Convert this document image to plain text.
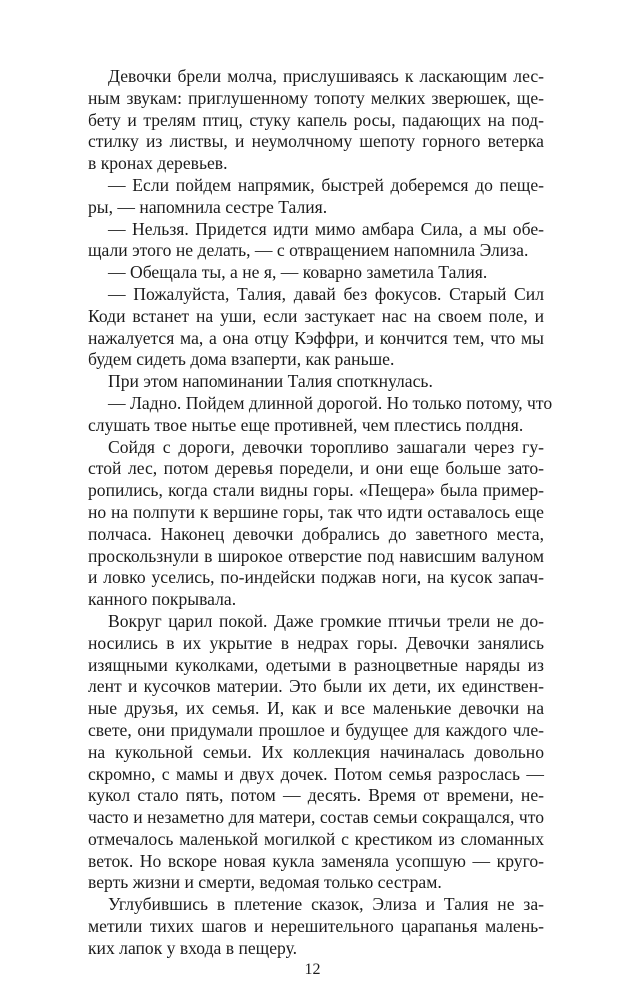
Девочки брели молча, прислушиваясь к ласкающим лес-
ным звукам: приглушенному топоту мелких зверюшек, ще-
бету и трелям птиц, стуку капель росы, падающих на под-
стилку из листвы, и неумолчному шепоту горного ветерка
в кронах деревьев.
— Если пойдем напрямик, быстрей доберемся до пеще-
ры, — напомнила сестре Талия.
— Нельзя. Придется идти мимо амбара Сила, а мы обе-
щали этого не делать, — с отвращением напомнила Элиза.
— Обещала ты, а не я, — коварно заметила Талия.
— Пожалуйста, Талия, давай без фокусов. Старый Сил
Коди встанет на уши, если застукает нас на своем поле, и
нажалуется ма, а она отцу Кэффри, и кончится тем, что мы
будем сидеть дома взаперти, как раньше.
При этом напоминании Талия споткнулась.
— Ладно. Пойдем длинной дорогой. Но только потому, что
слушать твое нытье еще противней, чем плестись полдня.
Сойдя с дороги, девочки торопливо зашагали через гу-
стой лес, потом деревья поредели, и они еще больше зато-
ропились, когда стали видны горы. «Пещера» была пример-
но на полпути к вершине горы, так что идти оставалось еще
полчаса. Наконец девочки добрались до заветного места,
проскользнули в широкое отверстие под нависшим валуном
и ловко уселись, по-индейски поджав ноги, на кусок запач-
канного покрывала.
Вокруг царил покой. Даже громкие птичьи трели не до-
носились в их укрытие в недрах горы. Девочки занялись
изящными куколками, одетыми в разноцветные наряды из
лент и кусочков материи. Это были их дети, их единствен-
ные друзья, их семья. И, как и все маленькие девочки на
свете, они придумали прошлое и будущее для каждого чле-
на кукольной семьи. Их коллекция начиналась довольно
скромно, с мамы и двух дочек. Потом семья разрослась —
кукол стало пять, потом — десять. Время от времени, не-
часто и незаметно для матери, состав семьи сокращался, что
отмечалось маленькой могилкой с крестиком из сломанных
веток. Но вскоре новая кукла заменяла усопшую — круго-
верть жизни и смерти, ведомая только сестрам.
Углубившись в плетение сказок, Элиза и Талия не за-
метили тихих шагов и нерешительного царапанья малень-
ких лапок у входа в пещеру.
12
